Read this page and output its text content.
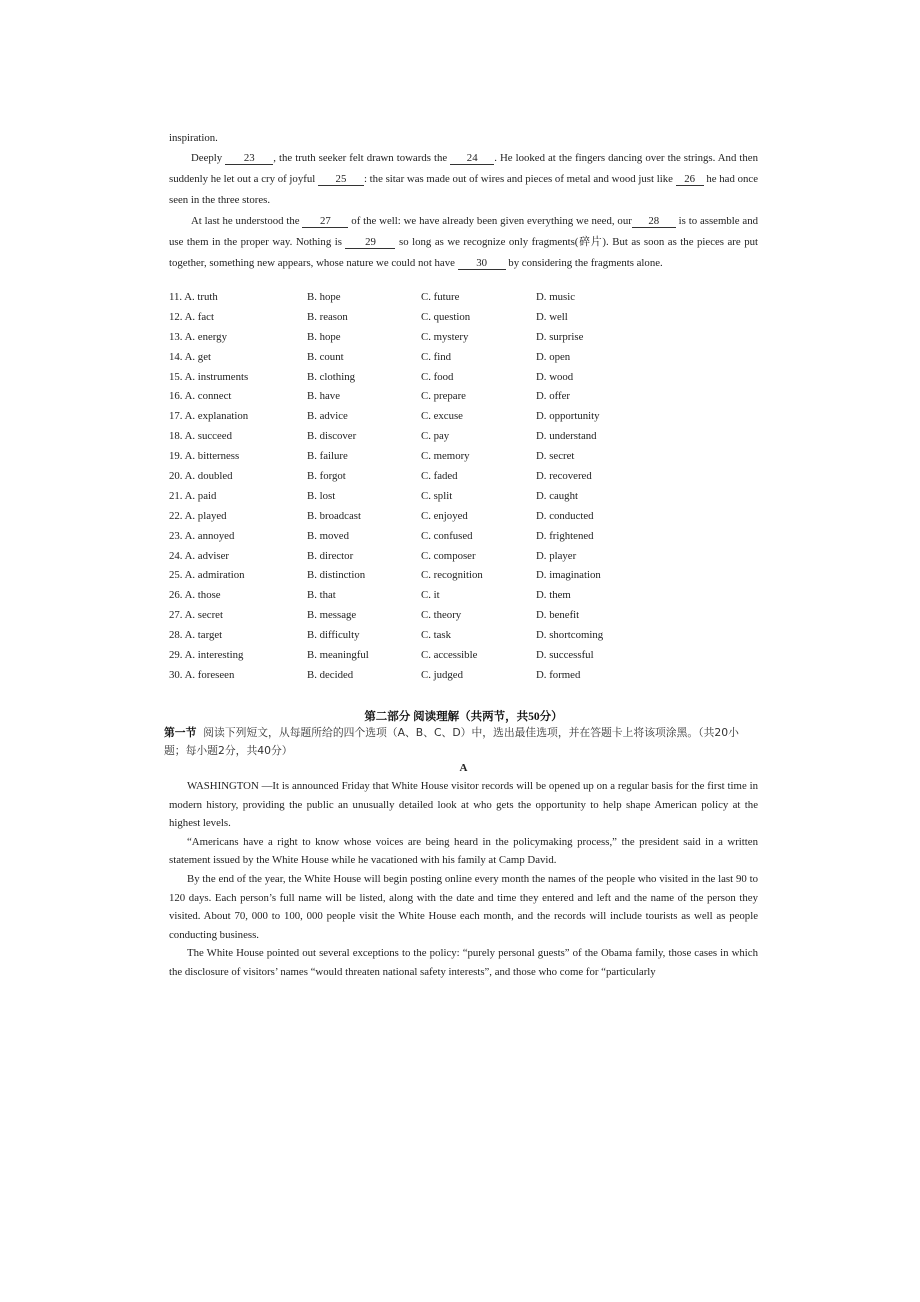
inspiration.
Deeply 23 , the truth seeker felt drawn towards the 24 . He looked at the fingers dancing over the strings. And then suddenly he let out a cry of joyful 25 : the sitar was made out of wires and pieces of metal and wood just like 26 he had once seen in the three stores.
At last he understood the 27 of the well: we have already been given everything we need, our 28 is to assemble and use them in the proper way. Nothing is 29 so long as we recognize only fragments(碎片). But as soon as the pieces are put together, something new appears, whose nature we could not have 30 by considering the fragments alone.
11. A. truth	B. hope	C. future	D. music
12. A. fact	B. reason	C. question	D. well
13. A. energy	B. hope	C. mystery	D. surprise
14. A. get	B. count	C. find	D. open
15. A. instruments	B. clothing	C. food	D. wood
16. A. connect	B. have	C. prepare	D. offer
17. A. explanation	B. advice	C. excuse	D. opportunity
18. A. succeed	B. discover	C. pay	D. understand
19. A. bitterness	B. failure	C. memory	D. secret
20. A. doubled	B. forgot	C. faded	D. recovered
21. A. paid	B. lost	C. split	D. caught
22. A. played	B. broadcast	C. enjoyed	D. conducted
23. A. annoyed	B. moved	C. confused	D. frightened
24. A. adviser	B. director	C. composer	D. player
25. A. admiration	B. distinction	C. recognition	D. imagination
26. A. those	B. that	C. it	D. them
27. A. secret	B. message	C. theory	D. benefit
28. A. target	B. difficulty	C. task	D. shortcoming
29. A. interesting	B. meaningful	C. accessible	D. successful
30. A. foreseen	B. decided	C. judged	D. formed
第二部分 阅读理解（共两节，共50分）
第一节 阅读下列短文，从每题所给的四个选项（A、B、C、D）中，选出最佳选项，并在答题卡上将该项涂黑。（共20小题；每小题2分，共40分）
A

WASHINGTON —It is announced Friday that White House visitor records will be opened up on a regular basis for the first time in modern history, providing the public an unusually detailed look at who gets the opportunity to help shape American policy at the highest levels.

“Americans have a right to know whose voices are being heard in the policymaking process,” the president said in a written statement issued by the White House while he vacationed with his family at Camp David.

By the end of the year, the White House will begin posting online every month the names of the people who visited in the last 90 to 120 days. Each person’s full name will be listed, along with the date and time they entered and left and the name of the person they visited. About 70, 000 to 100, 000 people visit the White House each month, and the records will include tourists as well as people conducting business.

The White House pointed out several exceptions to the policy: “purely personal guests” of the Obama family, those cases in which the disclosure of visitors’ names “would threaten national safety interests”, and those who come for “particularly
